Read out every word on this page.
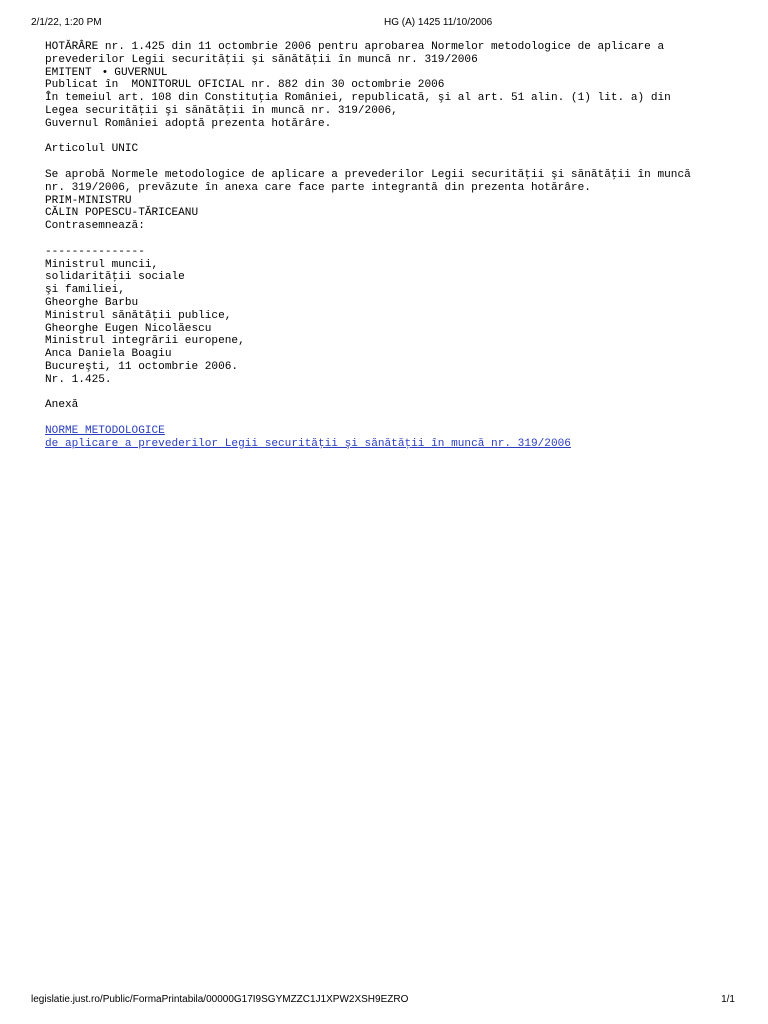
2/1/22, 1:20 PM	HG (A) 1425 11/10/2006
HOTĂRÂRE nr. 1.425 din 11 octombrie 2006 pentru aprobarea Normelor metodologice de aplicare a
prevederilor Legii securităţii şi sănătăţii în muncă nr. 319/2006
EMITENT • GUVERNUL
Publicat în  MONITORUL OFICIAL nr. 882 din 30 octombrie 2006
În temeiul art. 108 din Constituţia României, republicată, şi al art. 51 alin. (1) lit. a) din
Legea securităţii şi sănătăţii în muncă nr. 319/2006,
Guvernul României adoptă prezenta hotărâre.
Articolul UNIC
Se aprobă Normele metodologice de aplicare a prevederilor Legii securităţii şi sănătăţii în muncă
nr. 319/2006, prevăzute în anexa care face parte integrantă din prezenta hotărâre.
PRIM-MINISTRU
CĂLIN POPESCU-TĂRICEANU
Contrasemnează:
---------------
Ministrul muncii,
solidarităţii sociale
şi familiei,
Gheorghe Barbu
Ministrul sănătăţii publice,
Gheorghe Eugen Nicolăescu
Ministrul integrării europene,
Anca Daniela Boagiu
Bucureşti, 11 octombrie 2006.
Nr. 1.425.
Anexă
NORME METODOLOGICE
de aplicare a prevederilor Legii securităţii şi sănătăţii în muncă nr. 319/2006
legislatie.just.ro/Public/FormaPrintabila/00000G17I9SGYMZZC1J1XPW2XSH9EZRO	1/1
